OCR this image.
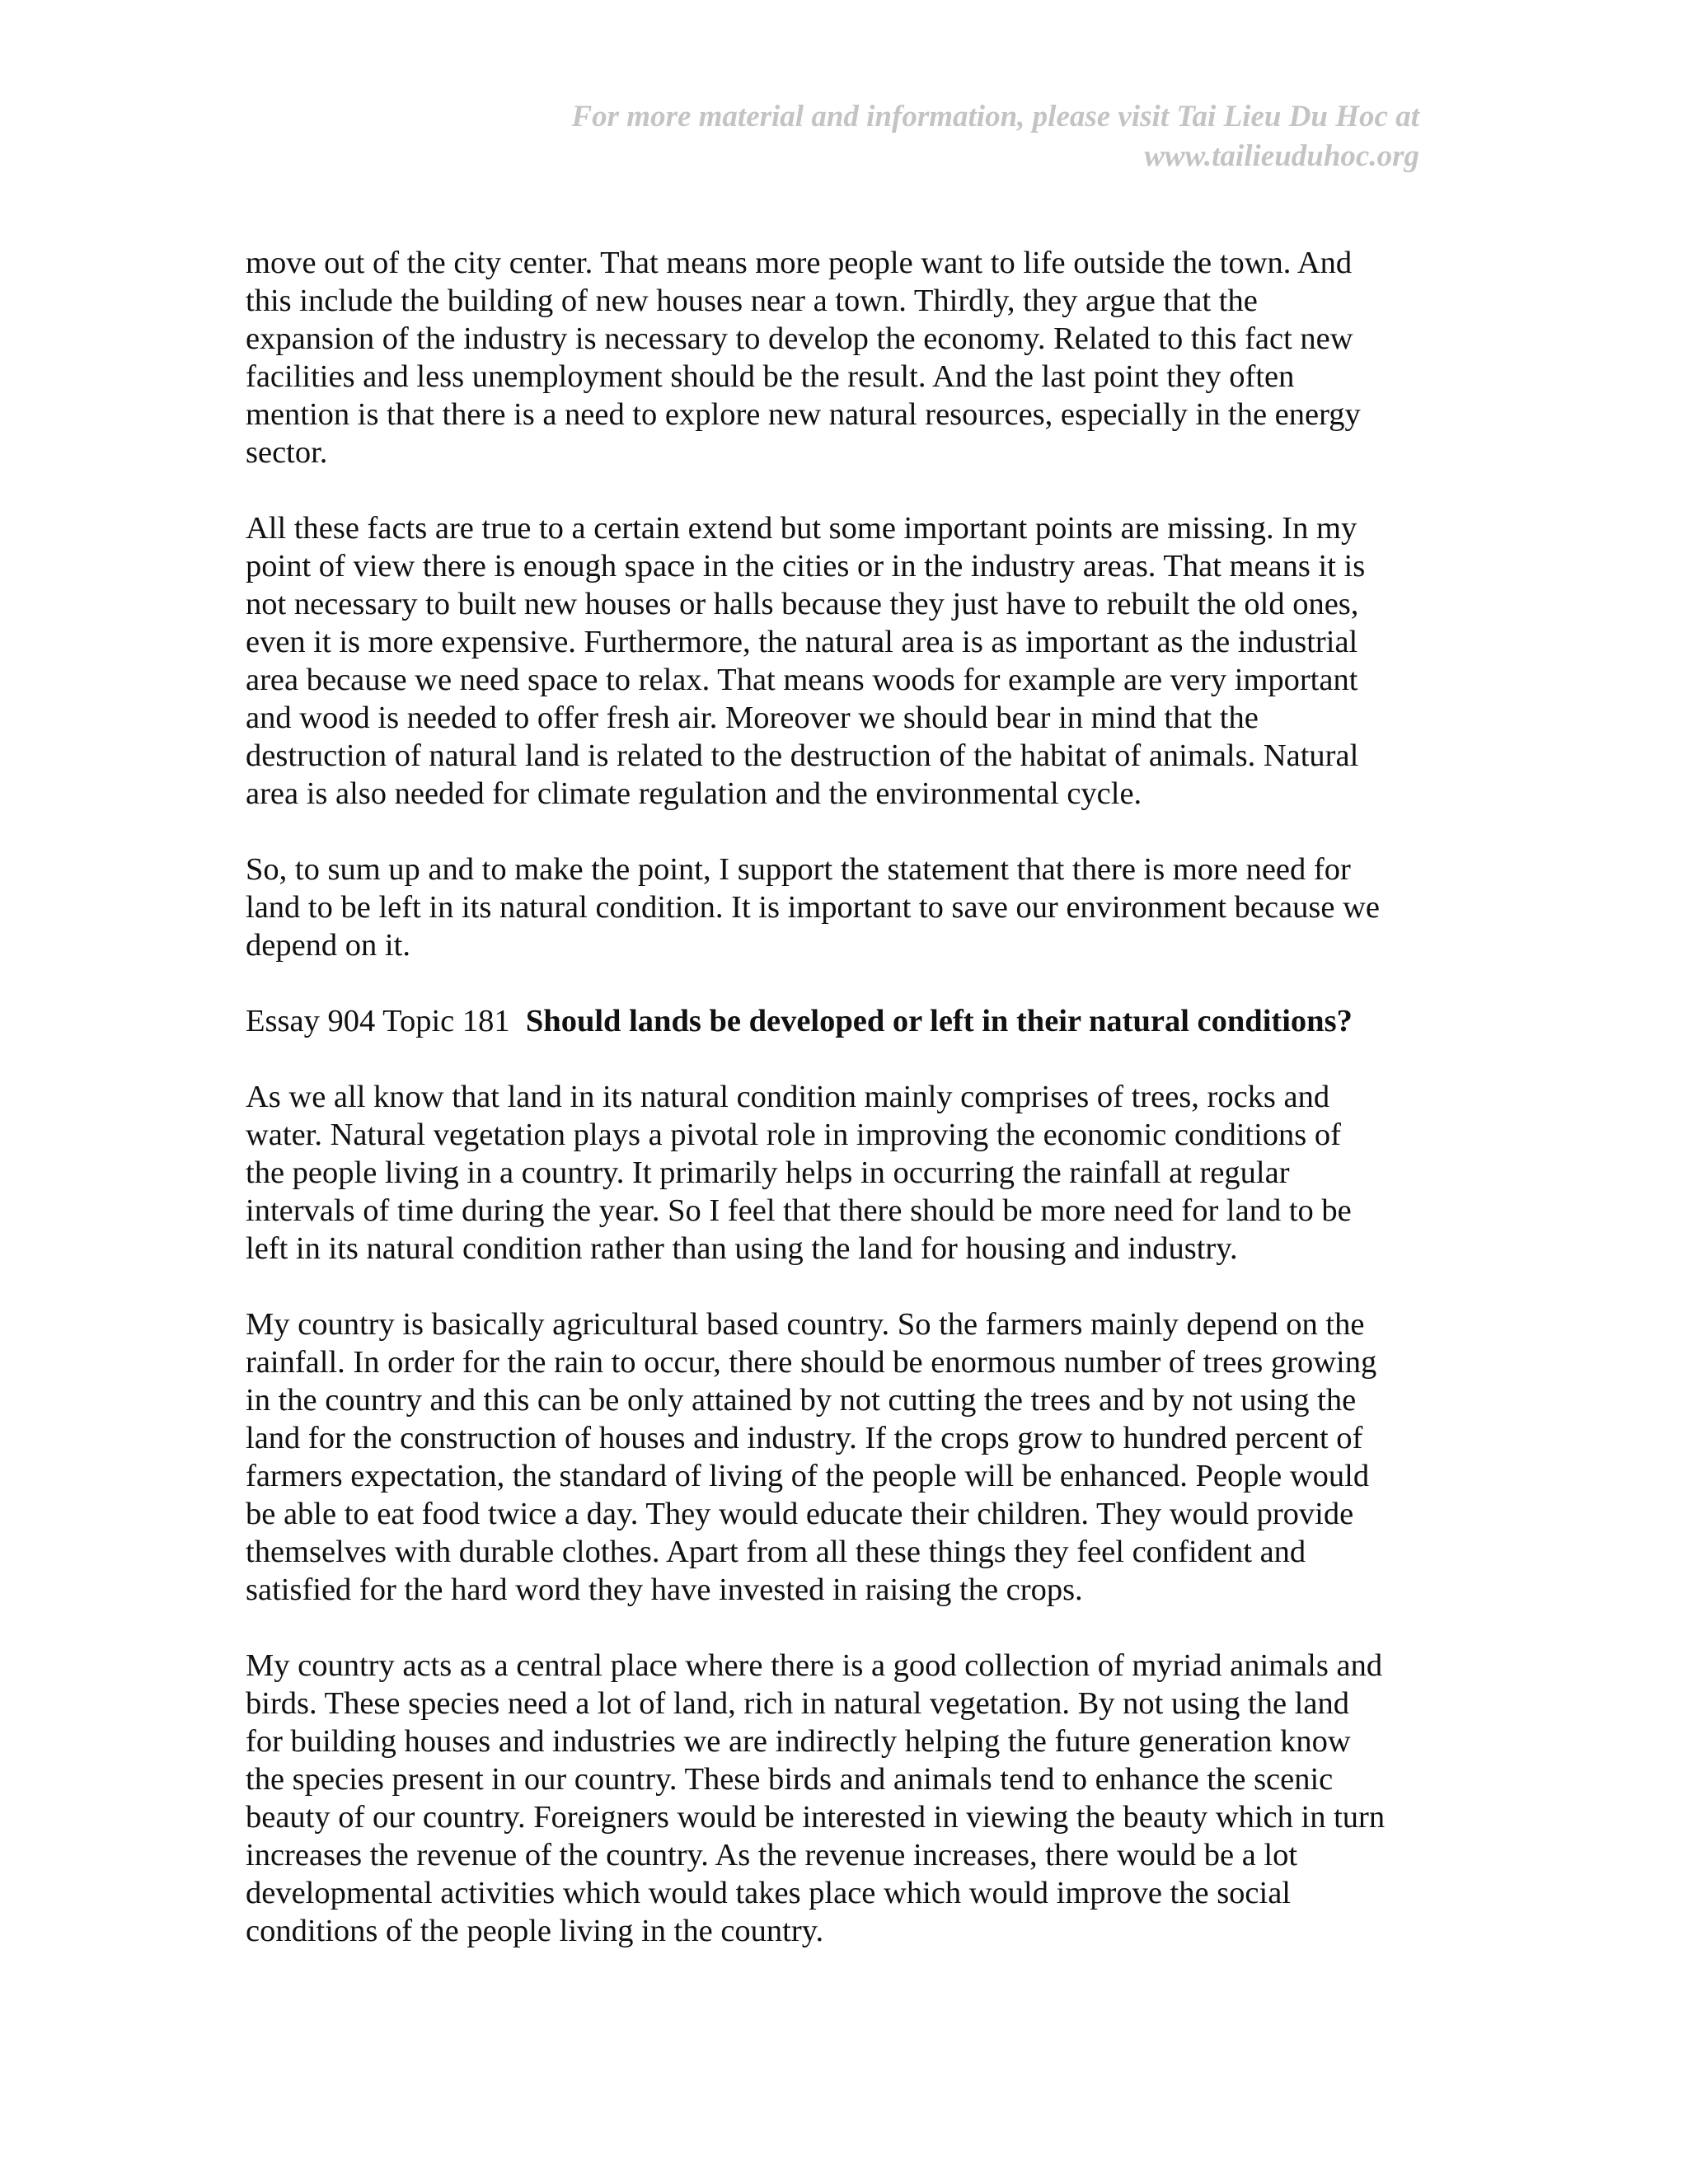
For more material and information, please visit Tai Lieu Du Hoc at
www.tailieuduhoc.org
move out of the city center. That means more people want to life outside the town. And
this include the building of new houses near a town. Thirdly, they argue that the
expansion of the industry is necessary to develop the economy. Related to this fact new
facilities and less unemployment should be the result. And the last point they often
mention is that there is a need to explore new natural resources, especially in the energy
sector.
All these facts are true to a certain extend but some important points are missing. In my
point of view there is enough space in the cities or in the industry areas. That means it is
not necessary to built new houses or halls because they just have to rebuilt the old ones,
even it is more expensive. Furthermore, the natural area is as important as the industrial
area because we need space to relax. That means woods for example are very important
and wood is needed to offer fresh air. Moreover we should bear in mind that the
destruction of natural land is related to the destruction of the habitat of animals. Natural
area is also needed for climate regulation and the environmental cycle.
So, to sum up and to make the point, I support the statement that there is more need for
land to be left in its natural condition. It is important to save our environment because we
depend on it.
Essay 904 Topic 181 Should lands be developed or left in their natural conditions?
As we all know that land in its natural condition mainly comprises of trees, rocks and
water. Natural vegetation plays a pivotal role in improving the economic conditions of
the people living in a country. It primarily helps in occurring the rainfall at regular
intervals of time during the year. So I feel that there should be more need for land to be
left in its natural condition rather than using the land for housing and industry.
My country is basically agricultural based country. So the farmers mainly depend on the
rainfall. In order for the rain to occur, there should be enormous number of trees growing
in the country and this can be only attained by not cutting the trees and by not using the
land for the construction of houses and industry. If the crops grow to hundred percent of
farmers expectation, the standard of living of the people will be enhanced. People would
be able to eat food twice a day. They would educate their children. They would provide
themselves with durable clothes. Apart from all these things they feel confident and
satisfied for the hard word they have invested in raising the crops.
My country acts as a central place where there is a good collection of myriad animals and
birds. These species need a lot of land, rich in natural vegetation. By not using the land
for building houses and industries we are indirectly helping the future generation know
the species present in our country. These birds and animals tend to enhance the scenic
beauty of our country. Foreigners would be interested in viewing the beauty which in turn
increases the revenue of the country. As the revenue increases, there would be a lot
developmental activities which would takes place which would improve the social
conditions of the people living in the country.
